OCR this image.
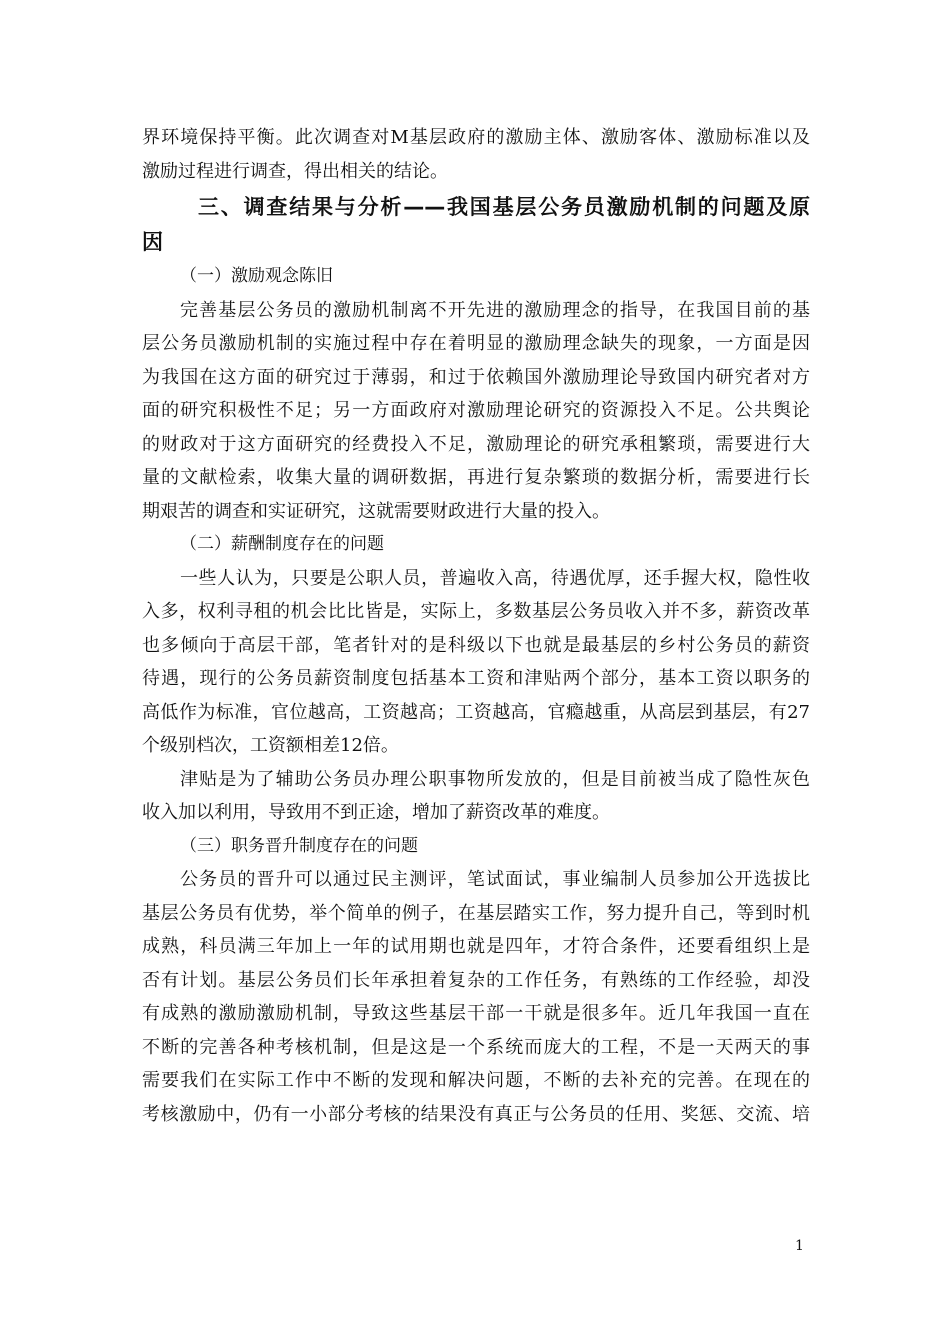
界环境保持平衡。此次调查对M基层政府的激励主体、激励客体、激励标准以及
激励过程进行调查，得出相关的结论。
三、调查结果与分析——我国基层公务员激励机制的问题及原
因
（一）激励观念陈旧
完善基层公务员的激励机制离不开先进的激励理念的指导，在我国目前的基
层公务员激励机制的实施过程中存在着明显的激励理念缺失的现象，一方面是因
为我国在这方面的研究过于薄弱，和过于依赖国外激励理论导致国内研究者对方
面的研究积极性不足；另一方面政府对激励理论研究的资源投入不足。公共舆论
的财政对于这方面研究的经费投入不足，激励理论的研究承租繁琐，需要进行大
量的文献检索，收集大量的调研数据，再进行复杂繁琐的数据分析，需要进行长
期艰苦的调查和实证研究，这就需要财政进行大量的投入。
（二）薪酬制度存在的问题
一些人认为，只要是公职人员，普遍收入高，待遇优厚，还手握大权，隐性收
入多，权利寻租的机会比比皆是，实际上，多数基层公务员收入并不多，薪资改革
也多倾向于高层干部，笔者针对的是科级以下也就是最基层的乡村公务员的薪资
待遇，现行的公务员薪资制度包括基本工资和津贴两个部分，基本工资以职务的
高低作为标准，官位越高，工资越高；工资越高，官瘾越重，从高层到基层，有27
个级别档次，工资额相差12倍。
津贴是为了辅助公务员办理公职事物所发放的，但是目前被当成了隐性灰色
收入加以利用，导致用不到正途，增加了薪资改革的难度。
（三）职务晋升制度存在的问题
公务员的晋升可以通过民主测评，笔试面试，事业编制人员参加公开选拔比
基层公务员有优势，举个简单的例子，在基层踏实工作，努力提升自己，等到时机
成熟，科员满三年加上一年的试用期也就是四年，才符合条件，还要看组织上是
否有计划。基层公务员们长年承担着复杂的工作任务，有熟练的工作经验，却没
有成熟的激励激励机制，导致这些基层干部一干就是很多年。近几年我国一直在
不断的完善各种考核机制，但是这是一个系统而庞大的工程，不是一天两天的事
需要我们在实际工作中不断的发现和解决问题，不断的去补充的完善。在现在的
考核激励中，仍有一小部分考核的结果没有真正与公务员的任用、奖惩、交流、培
1
